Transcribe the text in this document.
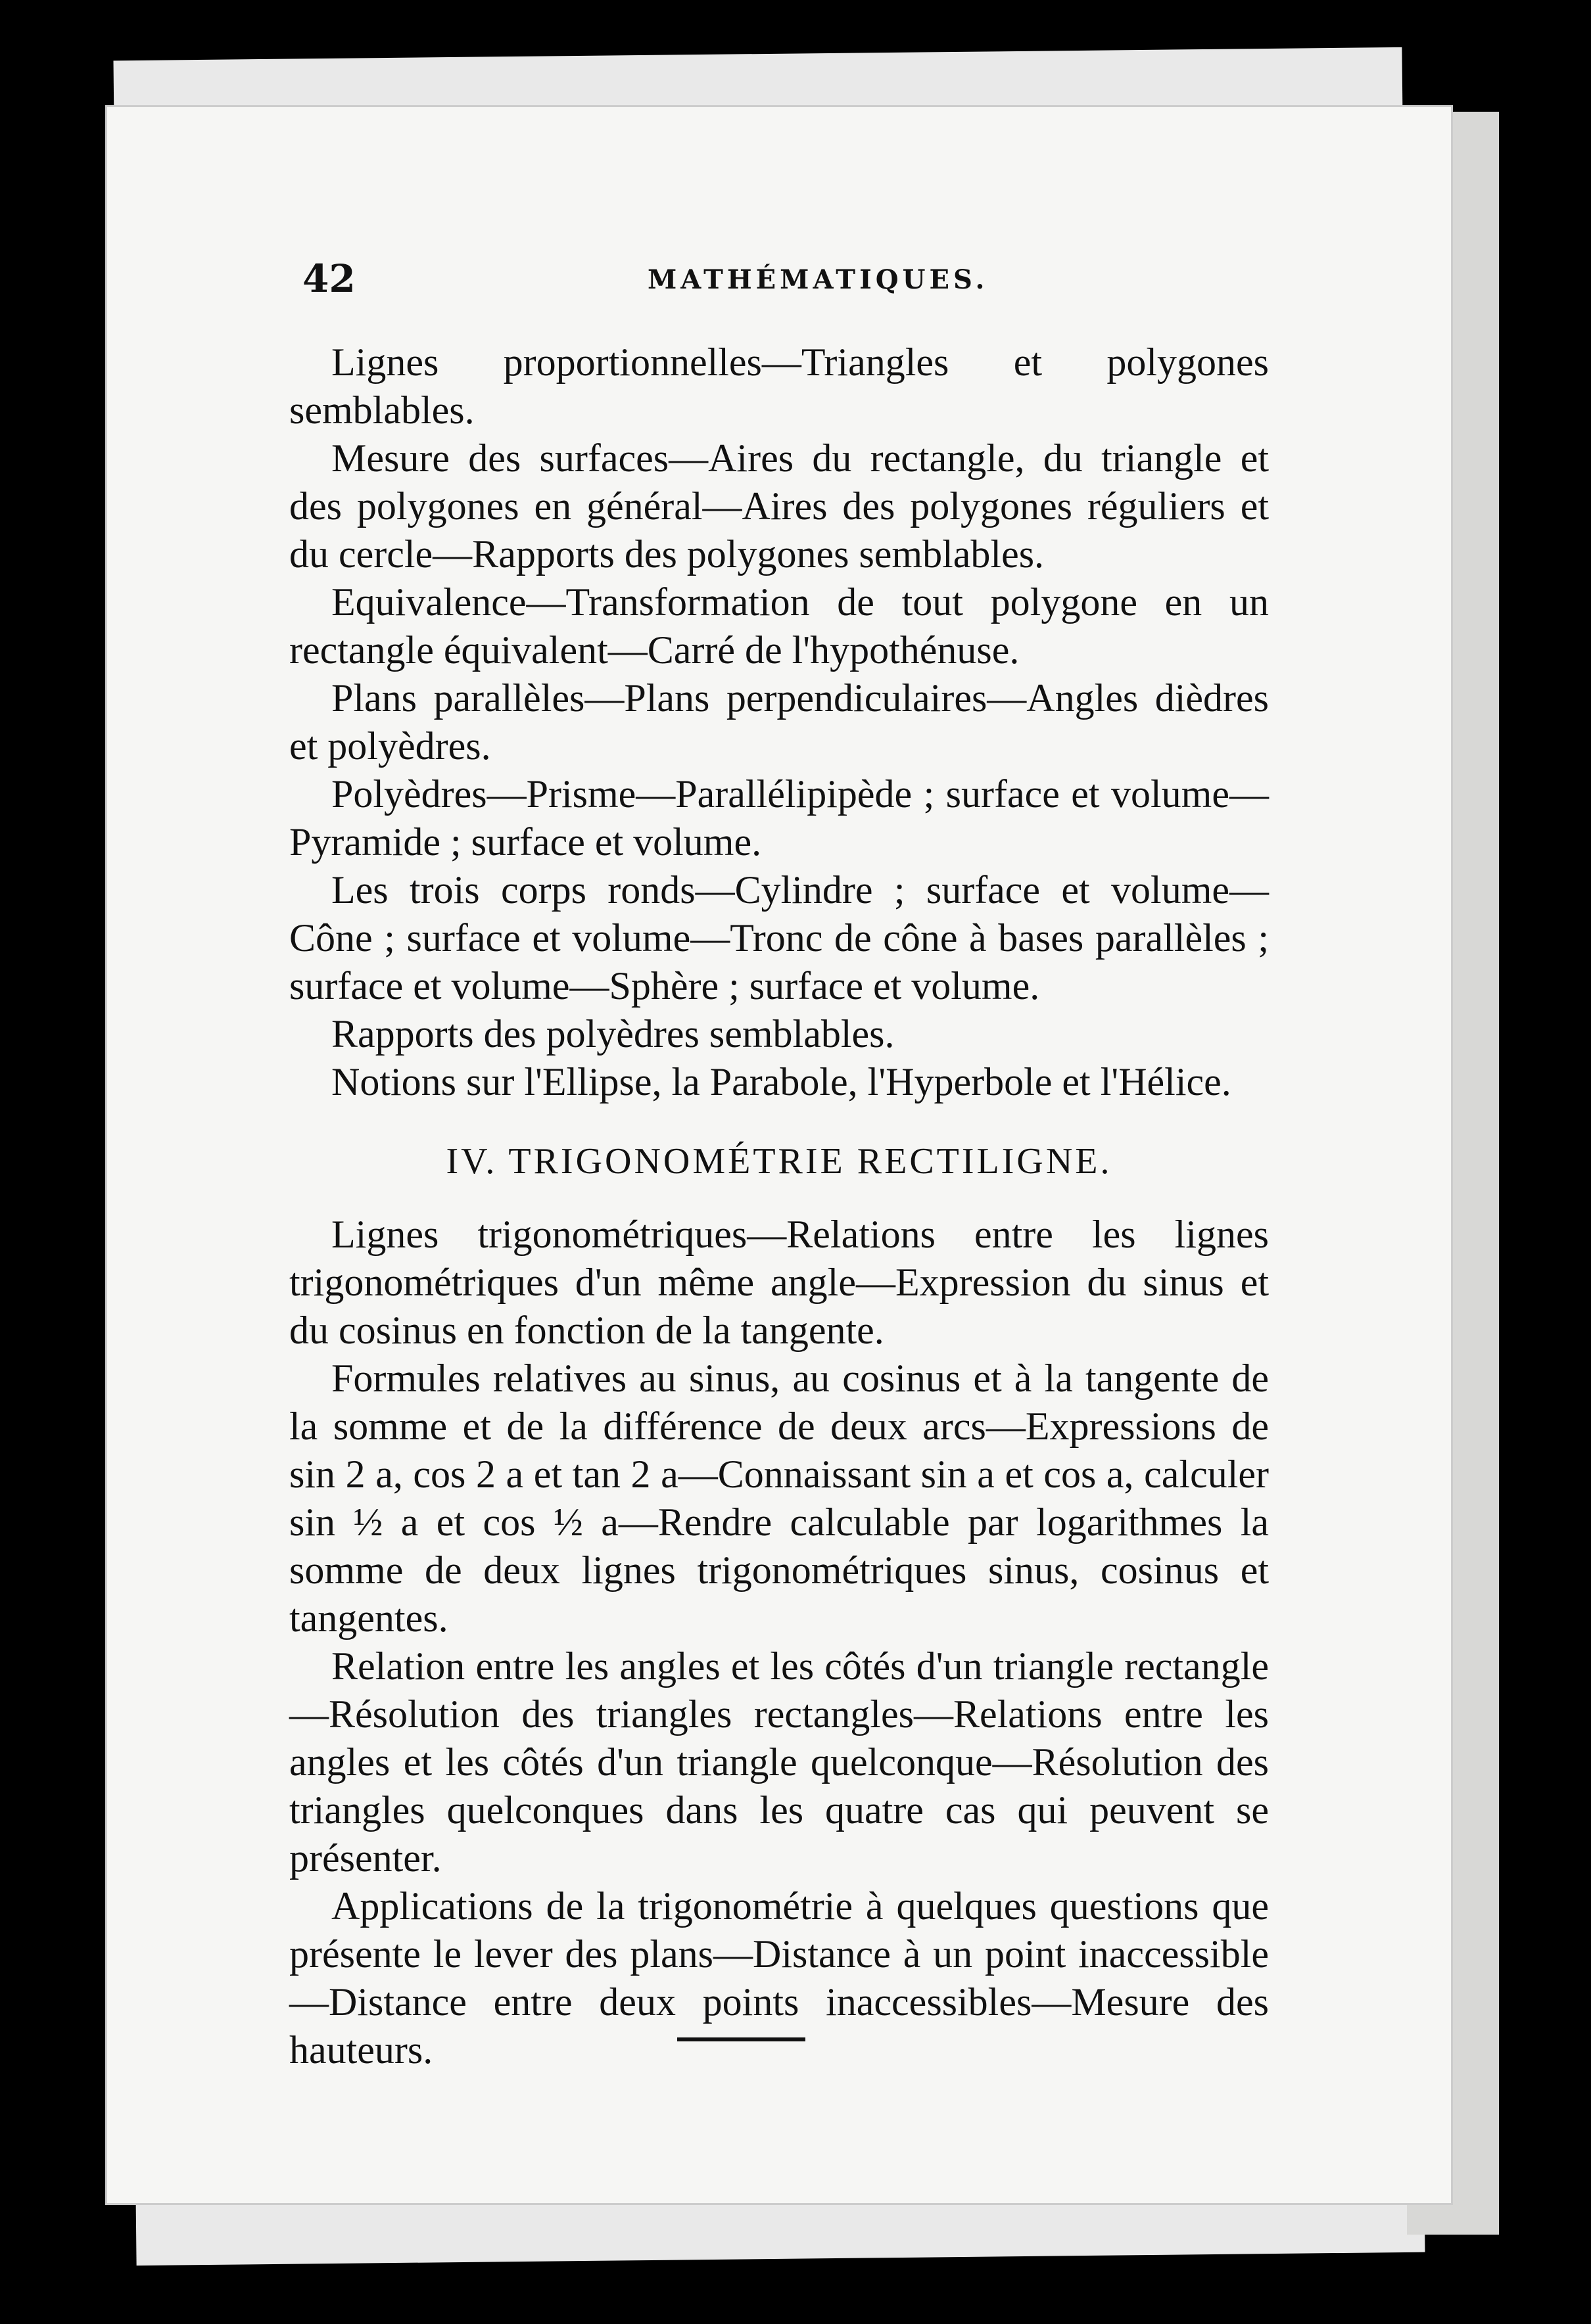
42	MATHÉMATIQUES.

Lignes proportionnelles—Triangles et polygones semblables.

Mesure des surfaces—Aires du rectangle, du triangle et des polygones en général—Aires des polygones réguliers et du cercle—Rapports des polygones semblables.

Equivalence—Transformation de tout polygone en un rectangle équivalent—Carré de l'hypothénuse.

Plans parallèles—Plans perpendiculaires—Angles dièdres et polyèdres.

Polyèdres—Prisme—Parallélipipède ; surface et volume—Pyramide ; surface et volume.

Les trois corps ronds—Cylindre ; surface et volume—Cône ; surface et volume—Tronc de cône à bases parallèles ; surface et volume—Sphère ; surface et volume.

Rapports des polyèdres semblables.

Notions sur l'Ellipse, la Parabole, l'Hyperbole et l'Hélice.

IV. TRIGONOMÉTRIE RECTILIGNE.

Lignes trigonométriques—Relations entre les lignes trigonométriques d'un même angle—Expression du sinus et du cosinus en fonction de la tangente.

Formules relatives au sinus, au cosinus et à la tangente de la somme et de la différence de deux arcs—Expressions de sin 2 a, cos 2 a et tan 2 a—Connaissant sin a et cos a, calculer sin ½ a et cos ½ a—Rendre calculable par logarithmes la somme de deux lignes trigonométriques sinus, cosinus et tangentes.

Relation entre les angles et les côtés d'un triangle rectangle—Résolution des triangles rectangles—Relations entre les angles et les côtés d'un triangle quelconque—Résolution des triangles quelconques dans les quatre cas qui peuvent se présenter.

Applications de la trigonométrie à quelques questions que présente le lever des plans—Distance à un point inaccessible—Distance entre deux points inaccessibles—Mesure des hauteurs.
